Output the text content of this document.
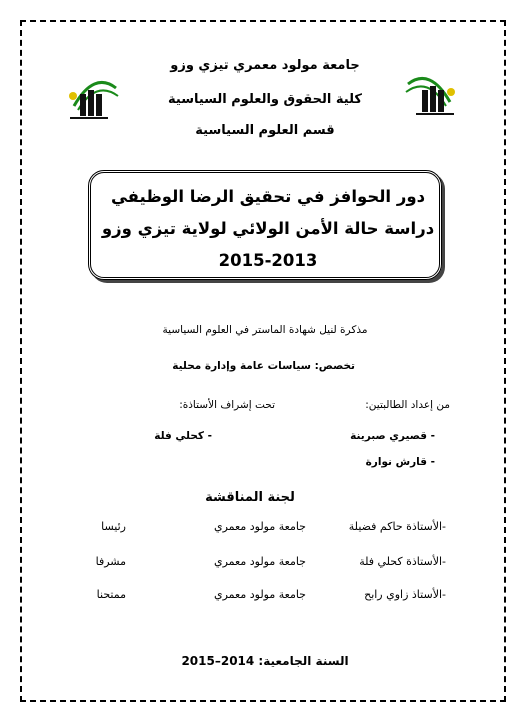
جامعة مولود معمري تيزي وزو
كلية الحقوق والعلوم السياسية
قسم العلوم السياسية
دور الحوافز في تحقيق الرضا الوظيفي
دراسة حالة الأمن الولائي لولاية تيزي وزو
2015-2013
مذكرة لنيل شهادة الماستر في العلوم السياسية
تخصص: سياسات عامة وإدارة محلية
من إعداد الطالبتين:
تحت إشراف الأستاذة:
- قصيري صبرينة
- كحلي فلة
- قارش نوارة
لجنة المناقشة
-الأستاذة حاكم فضيلة
جامعة مولود معمري
رئيسا
-الأستاذة كحلي فلة
جامعة مولود معمري
مشرفا
-الأستاذ زاوي رابح
جامعة مولود معمري
ممتحنا
السنة الجامعية: 2014–2015
